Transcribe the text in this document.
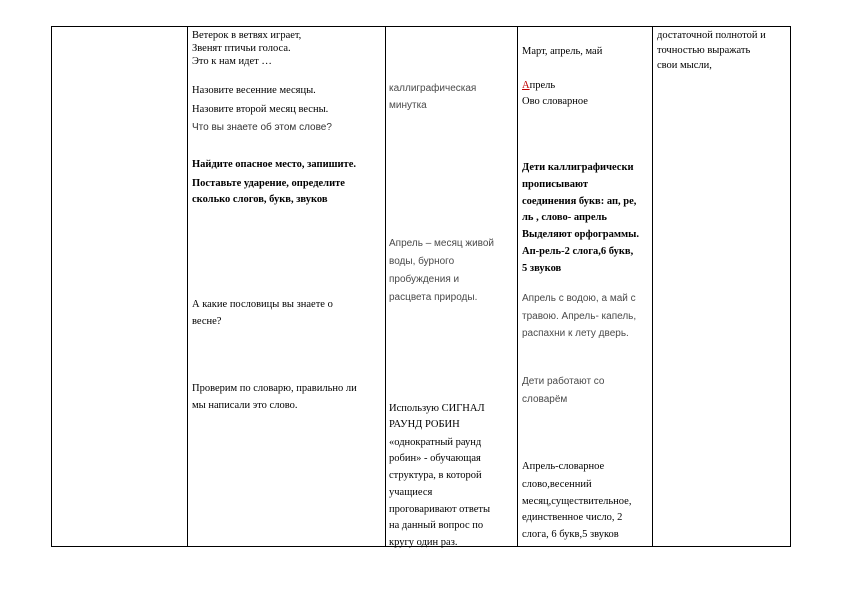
Ветерок в ветвях играет,

Звенят птичьи голоса.

Это к нам идет …

Назовите весенние месяцы.

Назовите второй месяц весны.

Что вы знаете об этом слове?

Найдите опасное место, запишите.

Поставьте ударение, определите

сколько слогов, букв, звуков

А какие пословицы вы знаете о

весне?

Проверим по словарю, правильно ли

мы написали это слово.

каллиграфическая

минутка

Апрель – месяц живой

воды, бурного

пробуждения и

расцвета природы.

Использую СИГНАЛ

РАУНД РОБИН

«однократный раунд

робин» - обучающая

структура, в которой

учащиеся

проговаривают ответы

на данный вопрос по

кругу один раз.

Март, апрель, май

Апрель

Ово словарное

Дети каллиграфически

прописывают

соединения букв: ап, ре,

ль , слово- апрель

Выделяют орфограммы.

Ап-рель-2 слога,6 букв,

5 звуков

Апрель с водою, а май с

травою. Апрель- капель,

распахни к лету дверь.

Дети работают со

словарём

Апрель-словарное

слово,весенний

месяц,существительное,

единственное число, 2

слога, 6 букв,5 звуков

достаточной полнотой и

точностью выражать

свои мысли,
